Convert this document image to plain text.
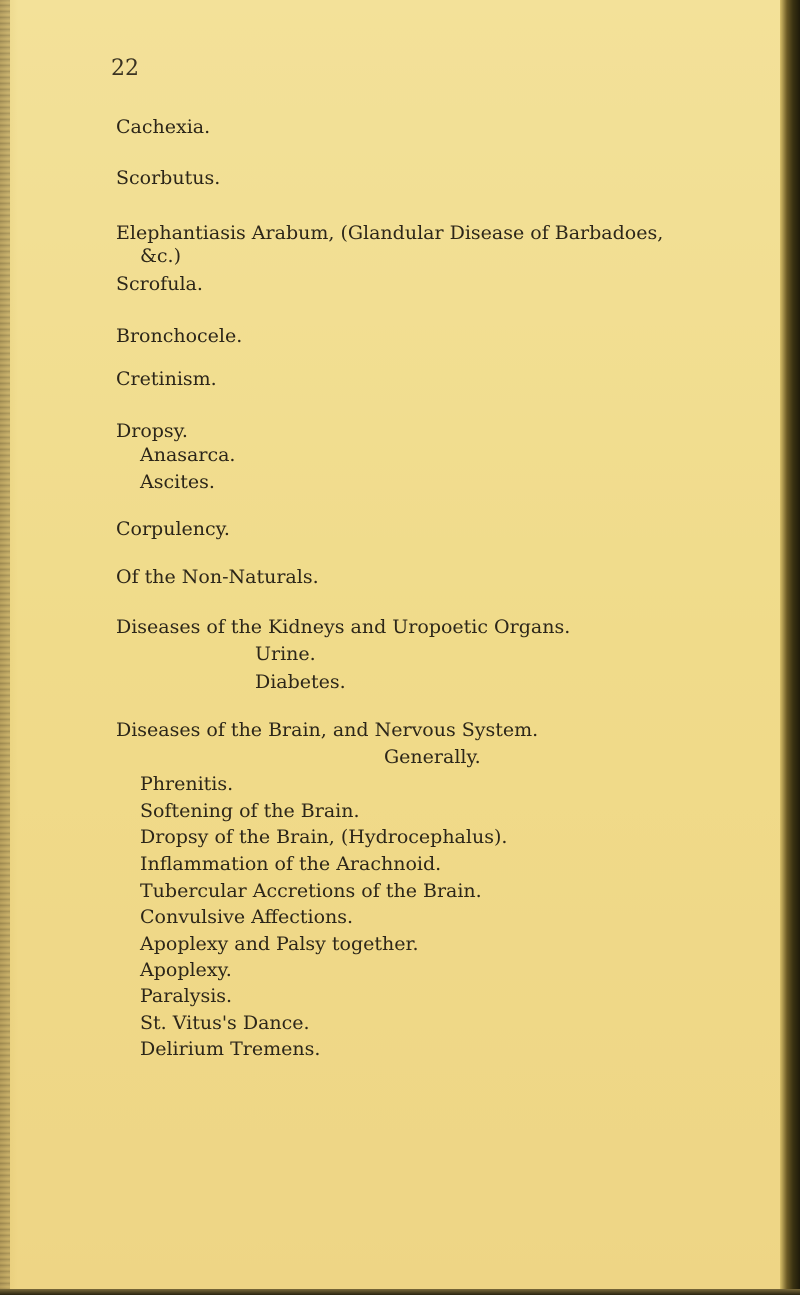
22
Cachexia.
Scorbutus.
Elephantiasis Arabum, (Glandular Disease of Barbadoes,
&c.)
Scrofula.
Bronchocele.
Cretinism.
Dropsy.
Anasarca.
Ascites.
Corpulency.
Of the Non-Naturals.
Diseases of the Kidneys and Uropoetic Organs.
Urine.
Diabetes.
Diseases of the Brain, and Nervous System.
Generally.
Phrenitis.
Softening of the Brain.
Dropsy of the Brain, (Hydrocephalus).
Inflammation of the Arachnoid.
Tubercular Accretions of the Brain.
Convulsive Affections.
Apoplexy and Palsy together.
Apoplexy.
Paralysis.
St. Vitus's Dance.
Delirium Tremens.
